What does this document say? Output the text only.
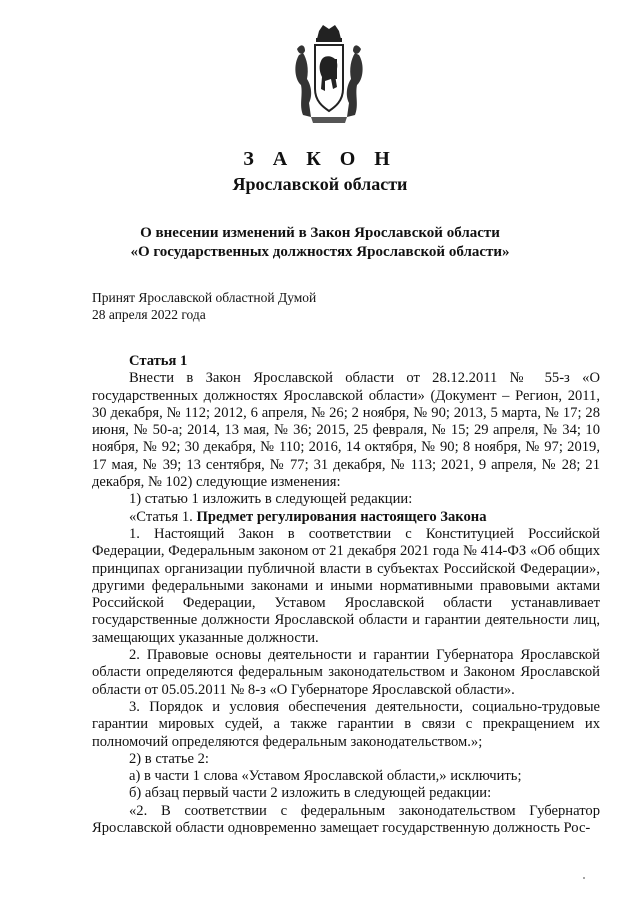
З А К О Н
Ярославской области
О внесении изменений в Закон Ярославской области
«О государственных должностях Ярославской области»
Принят Ярославской областной Думой
28 апреля 2022 года

Статья 1

Внести в Закон Ярославской области от 28.12.2011 № 55-з «О государственных должностях Ярославской области» (Документ – Регион, 2011, 30 декабря, № 112; 2012, 6 апреля, № 26; 2 ноября, № 90; 2013, 5 марта, № 17; 28 июня, № 50-а; 2014, 13 мая, № 36; 2015, 25 февраля, № 15; 29 апреля, № 34; 10 ноября, № 92; 30 декабря, № 110; 2016, 14 октября, № 90; 8 ноября, № 97; 2019, 17 мая, № 39; 13 сентября, № 77; 31 декабря, № 113; 2021, 9 апреля, № 28; 21 декабря, № 102) следующие изменения:

1) статью 1 изложить в следующей редакции:

«Статья 1. Предмет регулирования настоящего Закона

1. Настоящий Закон в соответствии с Конституцией Российской Федерации, Федеральным законом от 21 декабря 2021 года № 414-ФЗ «Об общих принципах организации публичной власти в субъектах Российской Федерации», другими федеральными законами и иными нормативными правовыми актами Российской Федерации, Уставом Ярославской области устанавливает государственные должности Ярославской области и гарантии деятельности лиц, замещающих указанные должности.

2. Правовые основы деятельности и гарантии Губернатора Ярославской области определяются федеральным законодательством и Законом Ярославской области от 05.05.2011 № 8-з «О Губернаторе Ярославской области».

3. Порядок и условия обеспечения деятельности, социально-трудовые гарантии мировых судей, а также гарантии в связи с прекращением их полномочий определяются федеральным законодательством.»;

2) в статье 2:

а) в части 1 слова «Уставом Ярославской области,» исключить;

б) абзац первый части 2 изложить в следующей редакции:

«2. В соответствии с федеральным законодательством Губернатор Ярославской области одновременно замещает государственную должность Рос-
